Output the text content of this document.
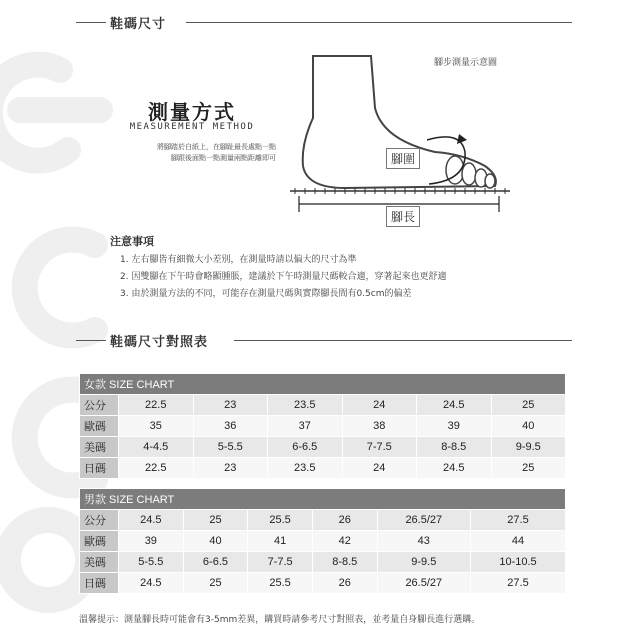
鞋碼尺寸
測量方式
MEASUREMENT METHOD
將腳踏於白紙上，在腳趾最長處點一點
腳跟後面點一點測量兩點距離即可
腳步測量示意圖
腳圍
腳長
注意事項
1. 左右腳皆有細微大小差別，在測量時請以偏大的尺寸為準
2. 因雙腳在下午時會略顯腫脹，建議於下午時測量尺碼較合適，穿著起來也更舒適
3. 由於測量方法的不同，可能存在測量尺碼與實際腳長間有0.5cm的偏差
鞋碼尺寸對照表
女款 SIZE CHART						
公分	22.5	23	23.5	24	24.5	25
歐碼	35	36	37	38	39	40
美碼	4-4.5	5-5.5	6-6.5	7-7.5	8-8.5	9-9.5
日碼	22.5	23	23.5	24	24.5	25
男款 SIZE CHART						
公分	24.5	25	25.5	26	26.5/27	27.5
歐碼	39	40	41	42	43	44
美碼	5-5.5	6-6.5	7-7.5	8-8.5	9-9.5	10-10.5
日碼	24.5	25	25.5	26	26.5/27	27.5
溫馨提示：測量腳長時可能會有3-5mm差異，購買時請參考尺寸對照表，並考量自身腳長進行選購。
